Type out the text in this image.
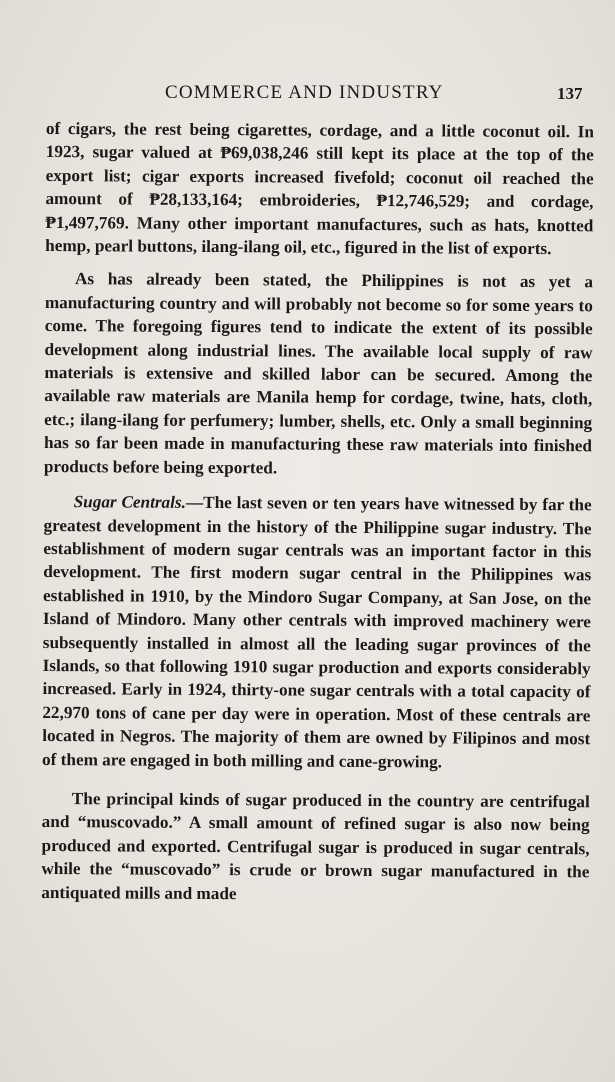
COMMERCE AND INDUSTRY	137

of cigars, the rest being cigarettes, cordage, and a little coconut oil. In 1923, sugar valued at ₱69,038,246 still kept its place at the top of the export list; cigar exports increased fivefold; coconut oil reached the amount of ₱28,133,164; embroideries, ₱12,746,529; and cordage, ₱1,497,769. Many other important manufactures, such as hats, knotted hemp, pearl buttons, ilang-ilang oil, etc., figured in the list of exports.

As has already been stated, the Philippines is not as yet a manufacturing country and will probably not become so for some years to come. The foregoing figures tend to indicate the extent of its possible development along industrial lines. The available local supply of raw materials is extensive and skilled labor can be secured. Among the available raw materials are Manila hemp for cordage, twine, hats, cloth, etc.; ilang-ilang for perfumery; lumber, shells, etc. Only a small beginning has so far been made in manufacturing these raw materials into finished products before being exported.

Sugar Centrals.—The last seven or ten years have witnessed by far the greatest development in the history of the Philippine sugar industry. The establishment of modern sugar centrals was an important factor in this development. The first modern sugar central in the Philippines was established in 1910, by the Mindoro Sugar Company, at San Jose, on the Island of Mindoro. Many other centrals with improved machinery were subsequently installed in almost all the leading sugar provinces of the Islands, so that following 1910 sugar production and exports considerably increased. Early in 1924, thirty-one sugar centrals with a total capacity of 22,970 tons of cane per day were in operation. Most of these centrals are located in Negros. The majority of them are owned by Filipinos and most of them are engaged in both milling and cane-growing.

The principal kinds of sugar produced in the country are centrifugal and “muscovado.” A small amount of refined sugar is also now being produced and exported. Centrifugal sugar is produced in sugar centrals, while the “muscovado” is crude or brown sugar manufactured in the antiquated mills and made
